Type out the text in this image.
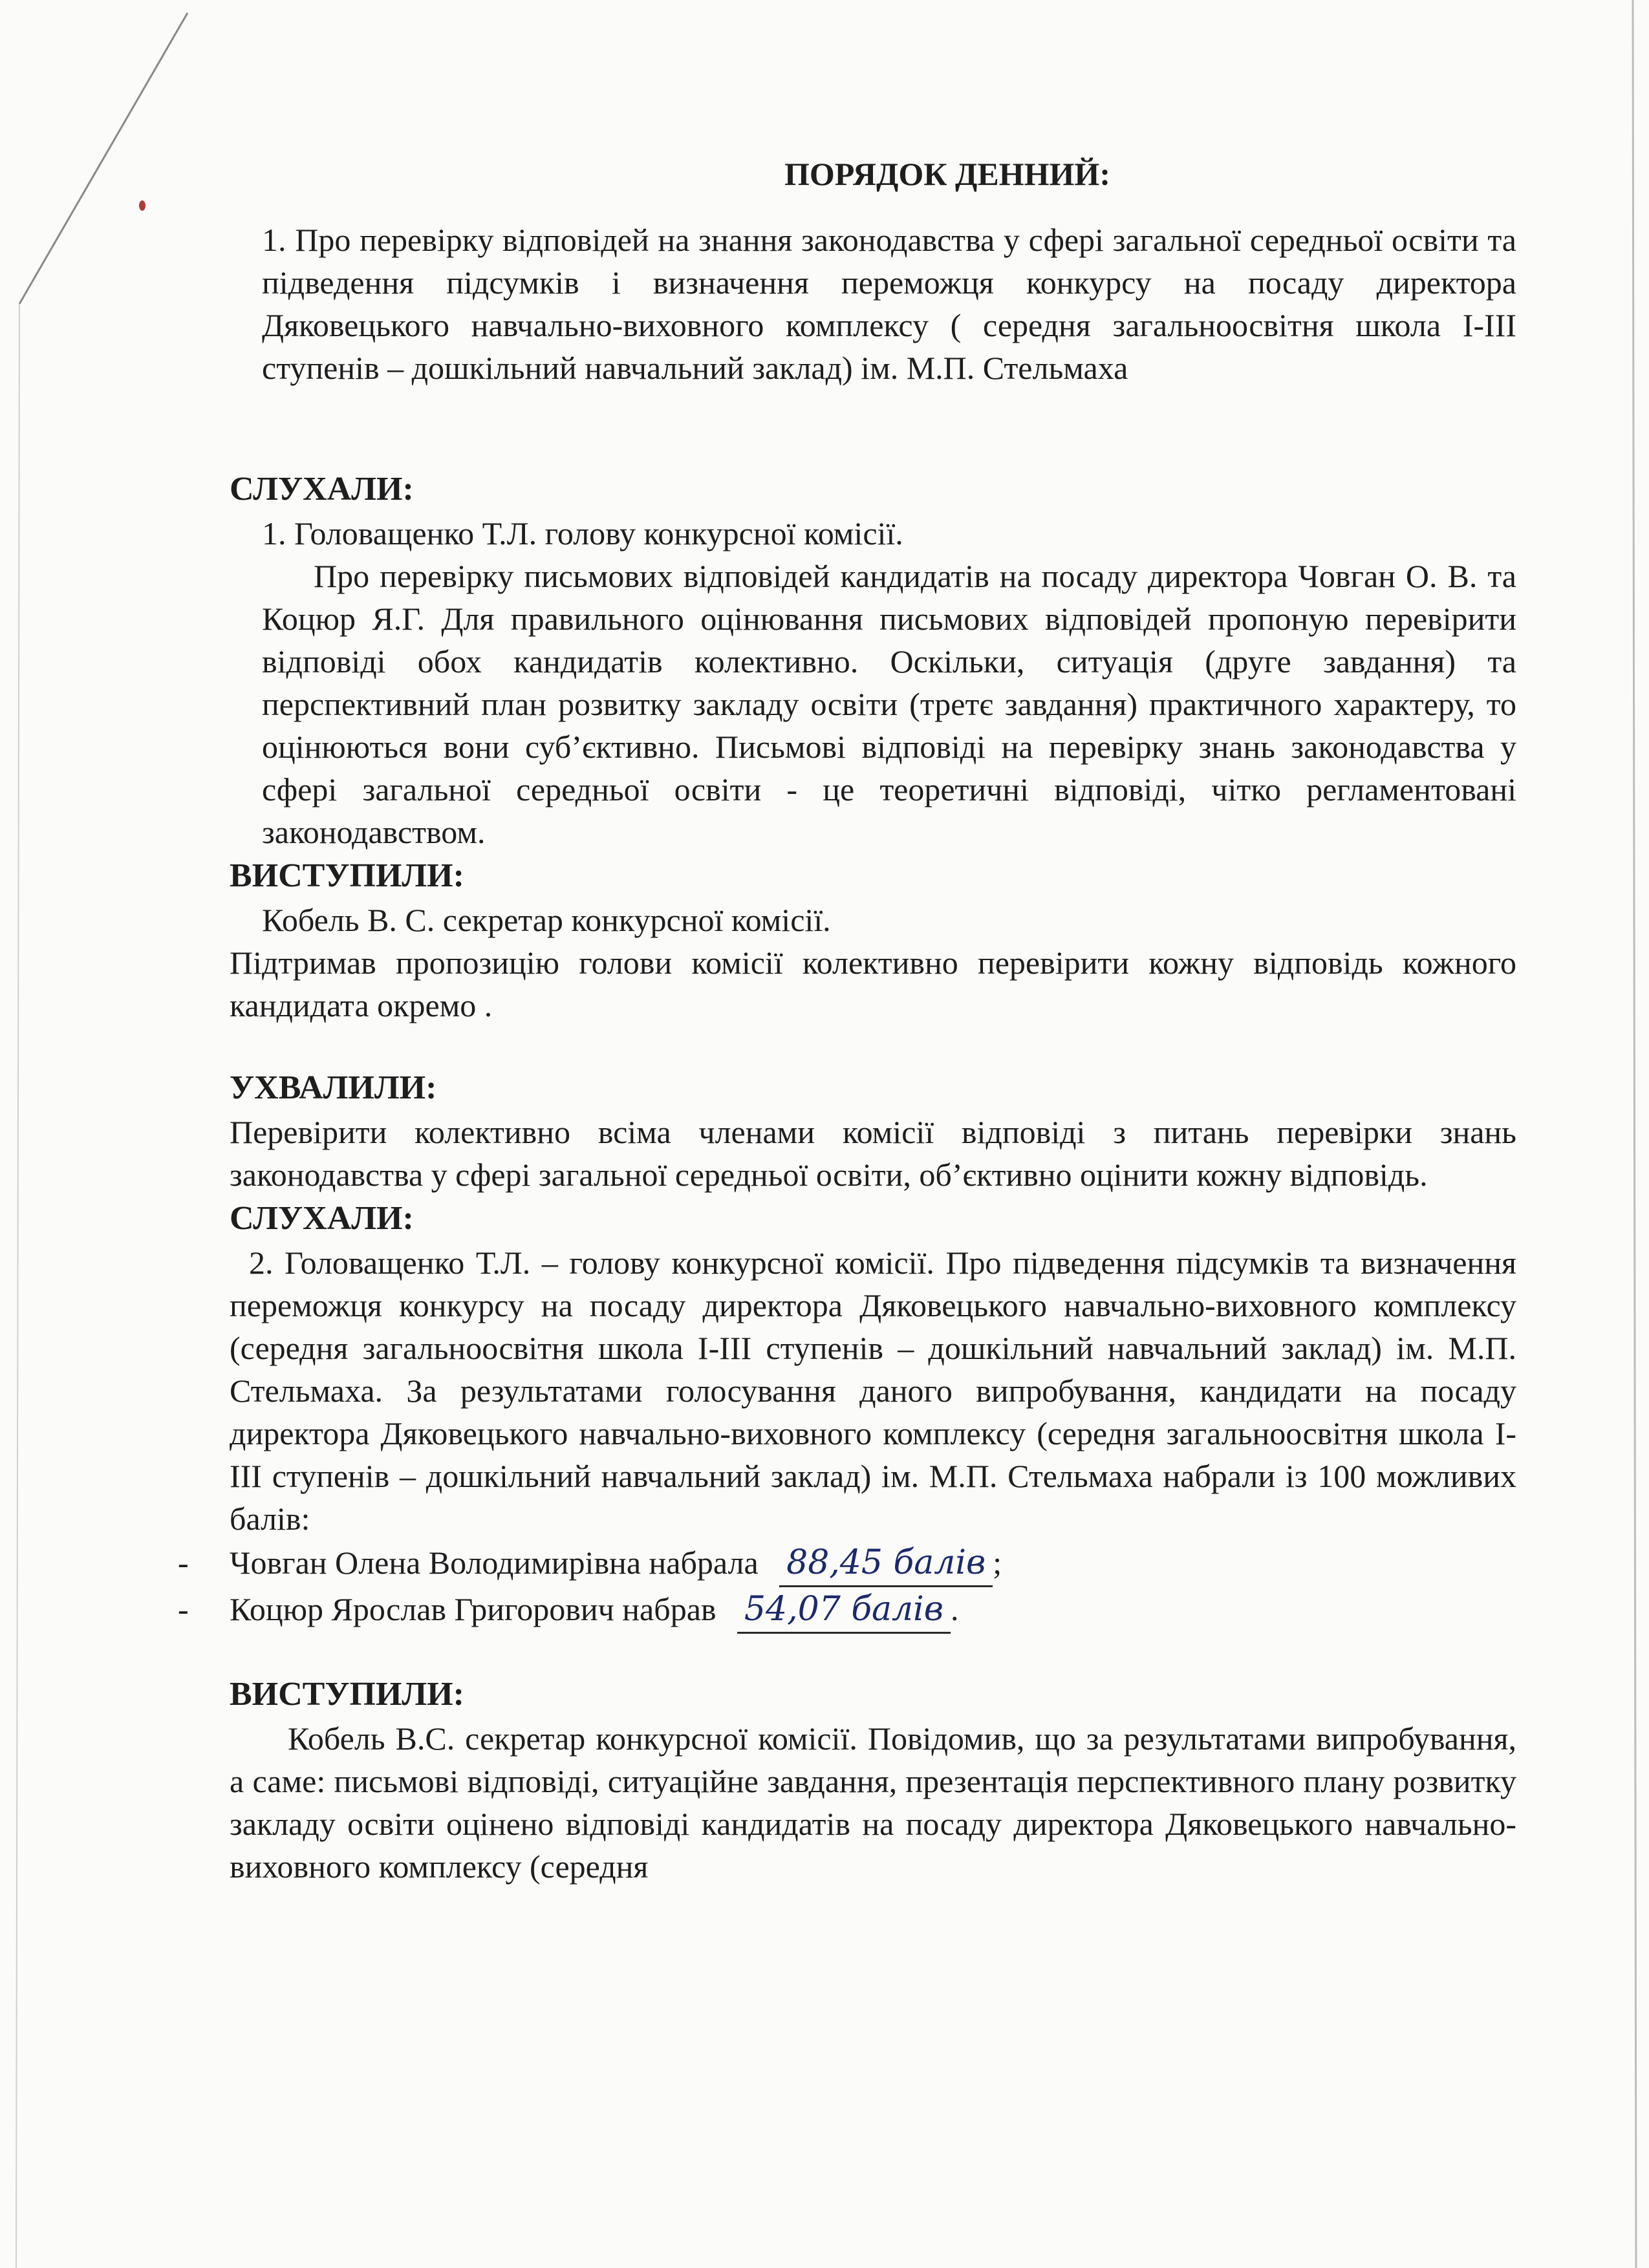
ПОРЯДОК ДЕННИЙ:

1. Про перевірку відповідей на знання законодавства у сфері загальної середньої освіти та підведення підсумків і визначення переможця конкурсу на посаду директора Дяковецького навчально-виховного комплексу ( середня загальноосвітня школа І-ІІІ ступенів – дошкільний навчальний заклад) ім. М.П. Стельмаха

СЛУХАЛИ:

1. Головащенко Т.Л. голову конкурсної комісії.

Про перевірку письмових відповідей кандидатів на посаду директора Човган О. В. та Коцюр Я.Г. Для правильного оцінювання письмових відповідей пропоную перевірити відповіді обох кандидатів колективно. Оскільки, ситуація (друге завдання) та перспективний план розвитку закладу освіти (третє завдання) практичного характеру, то оцінюються вони суб’єктивно. Письмові відповіді на перевірку знань законодавства у сфері загальної середньої освіти - це теоретичні відповіді, чітко регламентовані законодавством.

ВИСТУПИЛИ:

Кобель В. С. секретар конкурсної комісії.

Підтримав пропозицію голови комісії колективно перевірити кожну відповідь кожного кандидата окремо .

УХВАЛИЛИ:

Перевірити колективно всіма членами комісії відповіді з питань перевірки знань законодавства у сфері загальної середньої освіти, об’єктивно оцінити кожну відповідь.

СЛУХАЛИ:

2. Головащенко Т.Л. – голову конкурсної комісії. Про підведення підсумків та визначення переможця конкурсу на посаду директора Дяковецького навчально-виховного комплексу (середня загальноосвітня школа І-ІІІ ступенів – дошкільний навчальний заклад) ім. М.П. Стельмаха. За результатами голосування даного випробування, кандидати на посаду директора Дяковецького навчально-виховного комплексу (середня загальноосвітня школа І-ІІІ ступенів – дошкільний навчальний заклад) ім. М.П. Стельмаха набрали із 100 можливих балів:

- Човган Олена Володимирівна набрала 88,45 балів ;
- Коцюр Ярослав Григорович набрав 54,07 балів .
ВИСТУПИЛИ:

Кобель В.С. секретар конкурсної комісії. Повідомив, що за результатами випробування, а саме: письмові відповіді, ситуаційне завдання, презентація перспективного плану розвитку закладу освіти оцінено відповіді кандидатів на посаду директора Дяковецького навчально-виховного комплексу (середня
